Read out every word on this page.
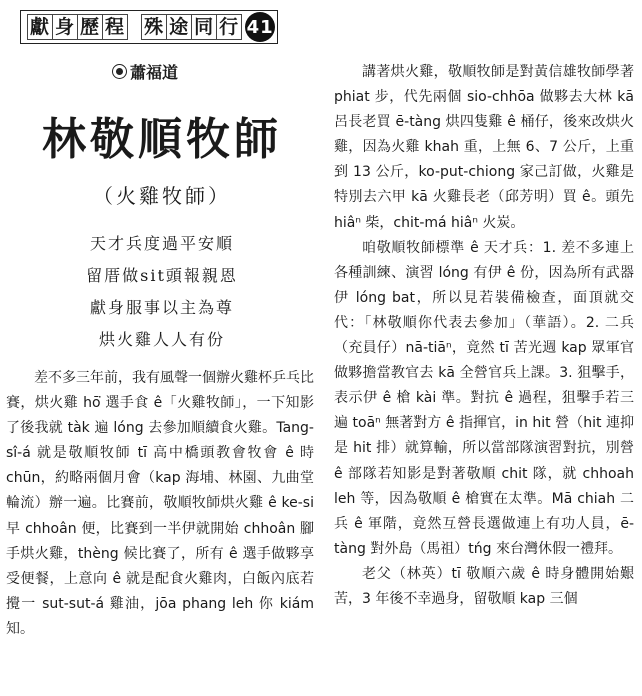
獻 身 歷 程 殊 途 同 行 41
蕭福道
林敬順牧師
（火雞牧師）
天才兵度過平安順
留厝做sit頭報親恩
獻身服事以主為尊
烘火雞人人有份

差不多三年前，我有風聲一個辦火雞杯乒乓比賽，烘火雞 hō͘ 選手食 ê「火雞牧師」，一下知影了後我就 tàk 遍 lóng 去參加順續食火雞。Tang-sî-á 就是敬順牧師 tī 高中橋頭教會牧會 ê 時 chūn，約略兩個月會（kap 海埔、林園、九曲堂輪流）辦一遍。比賽前，敬順牧師烘火雞 ê ke-si 早 chhoân 便，比賽到一半伊就開始 chhoân 腳手烘火雞，thèng 候比賽了，所有 ê 選手做夥享受便餐，上意向 ê 就是配食火雞肉，白飯內底若攪一 sut-sut-á 雞油，jōa phang leh 你 kiám 知。

講著烘火雞，敬順牧師是對黃信雄牧師學著 phiat 步，代先兩個 sio-chhōa 做夥去大林 kā 呂長老買 ē-tàng 烘四隻雞 ê 桶仔，後來改烘火雞，因為火雞 khah 重，上無 6、7 公斤，上重到 13 公斤，ko-put-chiong 家己訂做，火雞是特別去六甲 kā 火雞長老（邱芳明）買 ê。頭先 hiâⁿ 柴，chit-má hiâⁿ 火炭。

咱敬順牧師標準 ê 天才兵：1. 差不多連上各種訓練、演習 lóng 有伊 ê 份，因為所有武器伊 lóng bat，所以見若裝備檢查，面頂就交代：「林敬順你代表去參加」（華語）。2. 二兵（充員仔）nā-tiāⁿ，竟然 tī 苦光週 kap 眾軍官做夥擔當教官去 kā 全營官兵上課。3. 狙擊手，表示伊 ê 槍 kài 準。對抗 ê 過程，狙擊手若三遍 toāⁿ 無著對方 ê 指揮官，in hit 營（hit 連抑是 hit 排）就算輸，所以當部隊演習對抗，別營 ê 部隊若知影是對著敬順 chit 隊，就 chhoah leh 等，因為敬順 ê 槍實在太準。Mā chiah 二兵 ê 軍階，竟然互營長選做連上有功人員，ē-tàng 對外島（馬祖）tńg 來台灣休假一禮拜。

老父（林英）tī 敬順六歲 ê 時身體開始艱苦，3 年後不幸過身，留敬順 kap 三個
